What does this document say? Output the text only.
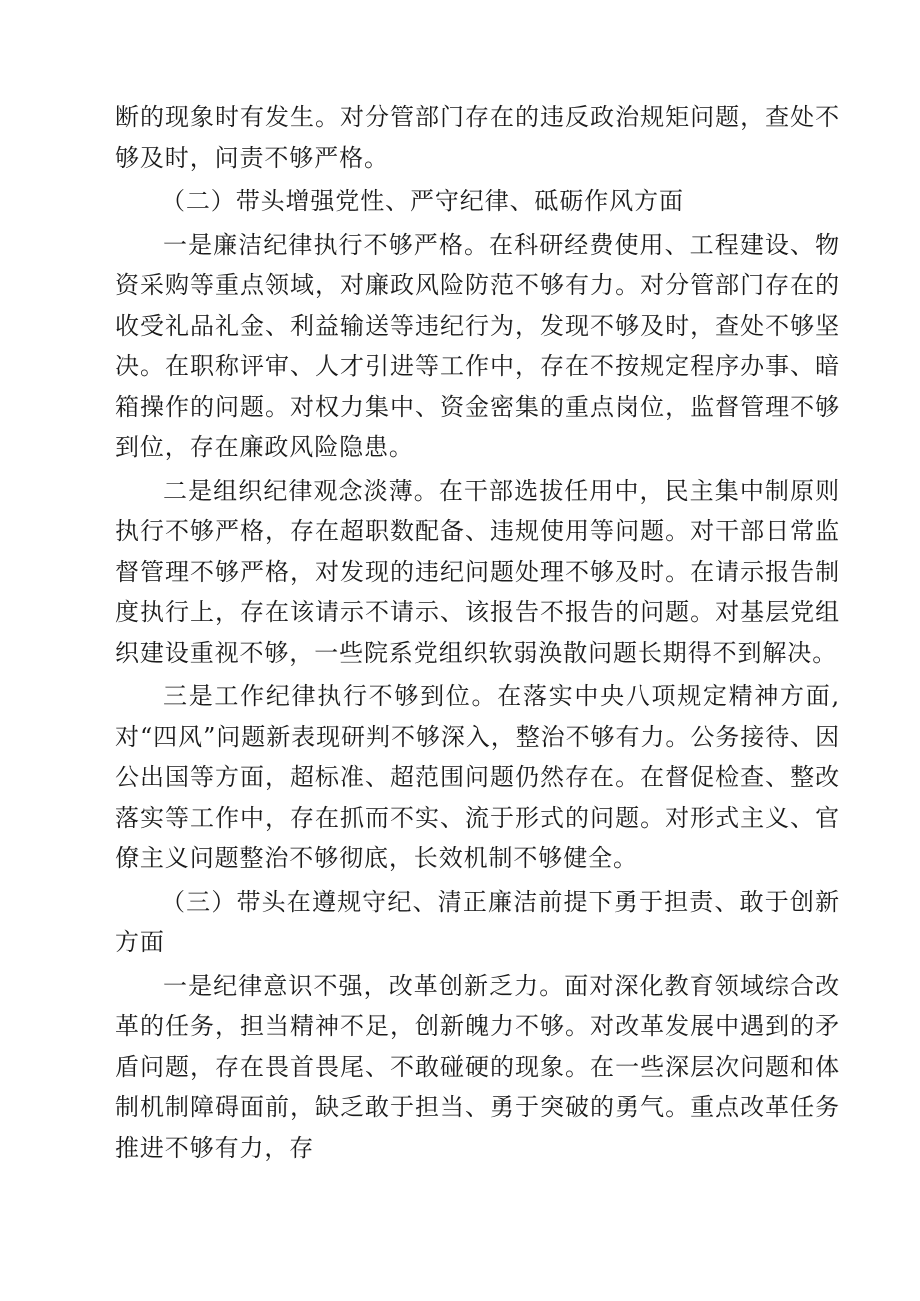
断的现象时有发生。对分管部门存在的违反政治规矩问题，查处不够及时，问责不够严格。

（二）带头增强党性、严守纪律、砥砺作风方面

一是廉洁纪律执行不够严格。在科研经费使用、工程建设、物资采购等重点领域，对廉政风险防范不够有力。对分管部门存在的收受礼品礼金、利益输送等违纪行为，发现不够及时，查处不够坚决。在职称评审、人才引进等工作中，存在不按规定程序办事、暗箱操作的问题。对权力集中、资金密集的重点岗位，监督管理不够到位，存在廉政风险隐患。

二是组织纪律观念淡薄。在干部选拔任用中，民主集中制原则执行不够严格，存在超职数配备、违规使用等问题。对干部日常监督管理不够严格，对发现的违纪问题处理不够及时。在请示报告制度执行上，存在该请示不请示、该报告不报告的问题。对基层党组织建设重视不够，一些院系党组织软弱涣散问题长期得不到解决。

三是工作纪律执行不够到位。在落实中央八项规定精神方面,对“四风”问题新表现研判不够深入，整治不够有力。公务接待、因公出国等方面，超标准、超范围问题仍然存在。在督促检查、整改落实等工作中，存在抓而不实、流于形式的问题。对形式主义、官僚主义问题整治不够彻底，长效机制不够健全。

（三）带头在遵规守纪、清正廉洁前提下勇于担责、敢于创新方面

一是纪律意识不强，改革创新乏力。面对深化教育领域综合改革的任务，担当精神不足，创新魄力不够。对改革发展中遇到的矛盾问题，存在畏首畏尾、不敢碰硬的现象。在一些深层次问题和体制机制障碍面前，缺乏敢于担当、勇于突破的勇气。重点改革任务推进不够有力，存
